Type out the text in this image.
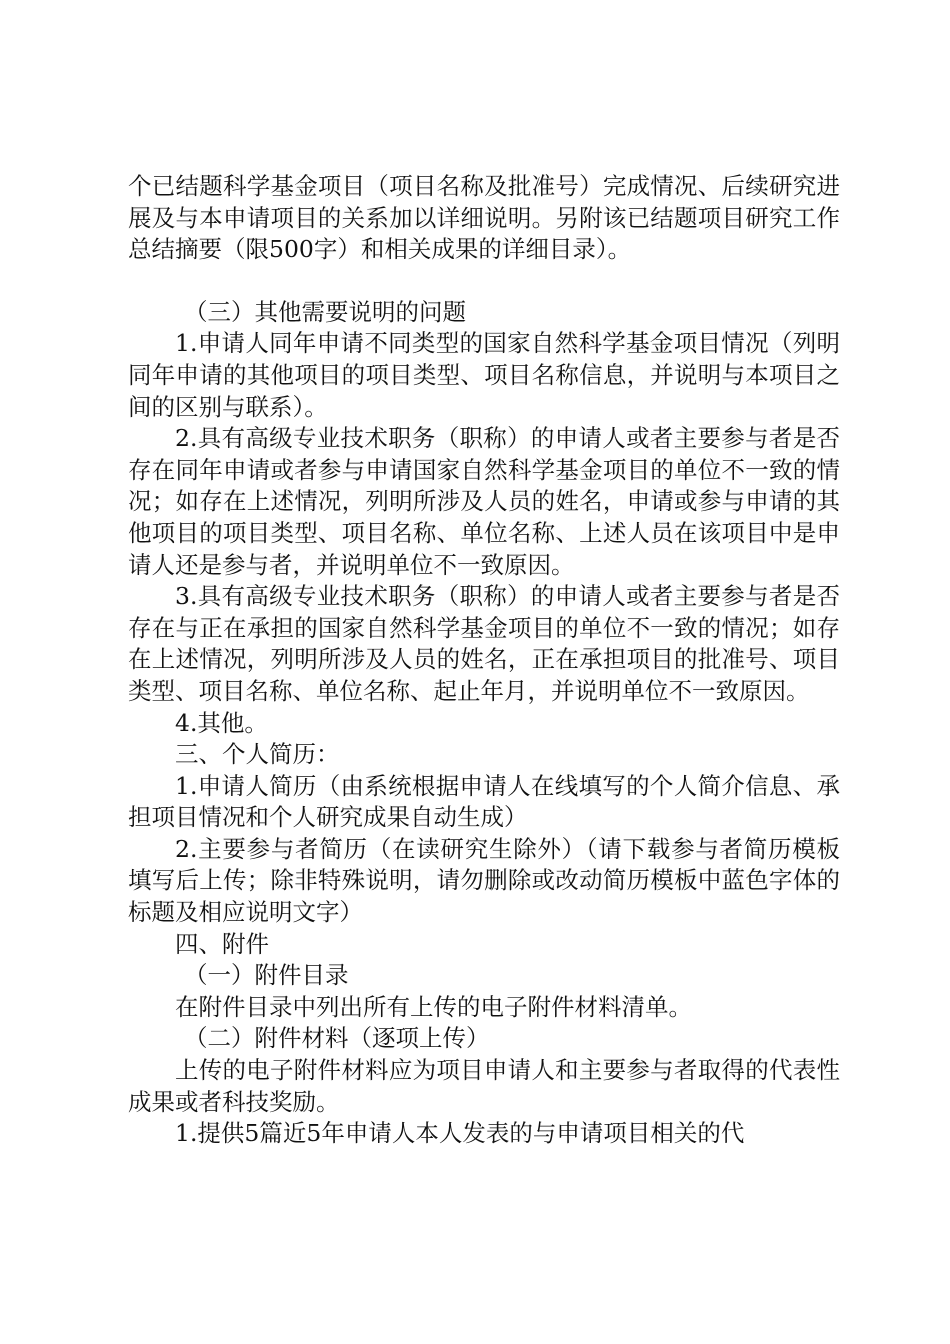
个已结题科学基金项目（项目名称及批准号）完成情况、后续研究进展及与本申请项目的关系加以详细说明。另附该已结题项目研究工作总结摘要（限500字）和相关成果的详细目录）。

（三）其他需要说明的问题

1.申请人同年申请不同类型的国家自然科学基金项目情况（列明同年申请的其他项目的项目类型、项目名称信息，并说明与本项目之间的区别与联系）。

2.具有高级专业技术职务（职称）的申请人或者主要参与者是否存在同年申请或者参与申请国家自然科学基金项目的单位不一致的情况；如存在上述情况，列明所涉及人员的姓名，申请或参与申请的其他项目的项目类型、项目名称、单位名称、上述人员在该项目中是申请人还是参与者，并说明单位不一致原因。

3.具有高级专业技术职务（职称）的申请人或者主要参与者是否存在与正在承担的国家自然科学基金项目的单位不一致的情况；如存在上述情况，列明所涉及人员的姓名，正在承担项目的批准号、项目类型、项目名称、单位名称、起止年月，并说明单位不一致原因。

4.其他。

三、个人简历：

1.申请人简历（由系统根据申请人在线填写的个人简介信息、承担项目情况和个人研究成果自动生成）

2.主要参与者简历（在读研究生除外）（请下载参与者简历模板填写后上传；除非特殊说明，请勿删除或改动简历模板中蓝色字体的标题及相应说明文字）

四、附件

（一）附件目录

在附件目录中列出所有上传的电子附件材料清单。

（二）附件材料（逐项上传）

上传的电子附件材料应为项目申请人和主要参与者取得的代表性成果或者科技奖励。

1.提供5篇近5年申请人本人发表的与申请项目相关的代
